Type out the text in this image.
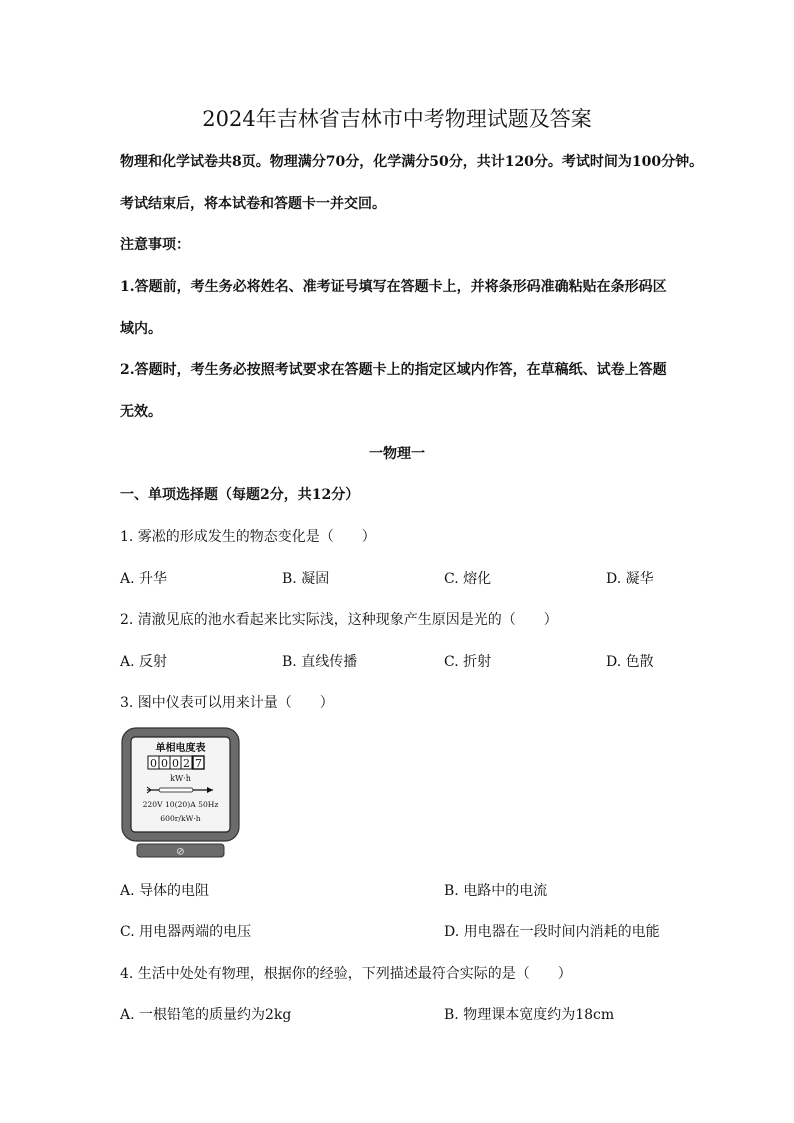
2024年吉林省吉林市中考物理试题及答案
物理和化学试卷共8页。物理满分70分，化学满分50分，共计120分。考试时间为100分钟。
考试结束后，将本试卷和答题卡一并交回。
注意事项：
1.答题前，考生务必将姓名、准考证号填写在答题卡上，并将条形码准确粘贴在条形码区
域内。
2.答题时，考生务必按照考试要求在答题卡上的指定区域内作答，在草稿纸、试卷上答题
无效。
一物理一
一、单项选择题（每题2分，共12分）
1. 雾凇的形成发生的物态变化是（　　）
A. 升华	B. 凝固	C. 熔化	D. 凝华
2. 清澈见底的池水看起来比实际浅，这种现象产生原因是光的（　　）
A. 反射	B. 直线传播	C. 折射	D. 色散
3. 图中仪表可以用来计量（　　）
单相电度表
0 0 0 2 7
kW·h
220V 10(20)A 50Hz
600r/kW·h
⊘
A. 导体的电阻	B. 电路中的电流
C. 用电器两端的电压	D. 用电器在一段时间内消耗的电能
4. 生活中处处有物理，根据你的经验，下列描述最符合实际的是（　　）
A. 一根铅笔的质量约为2kg	B. 物理课本宽度约为18cm
